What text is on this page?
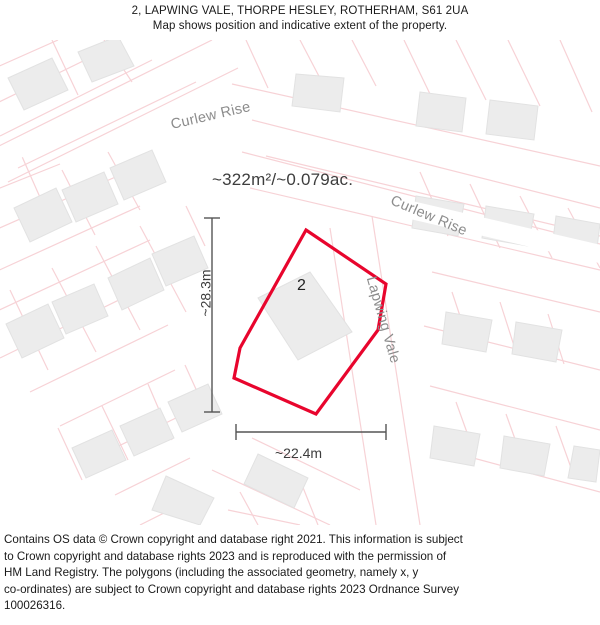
2, LAPWING VALE, THORPE HESLEY, ROTHERHAM, S61 2UA
Map shows position and indicative extent of the property.
Curlew Rise
Curlew Rise
Lapwing Vale
~322m²/~0.079ac.
2
~28.3m
~22.4m

Contains OS data © Crown copyright and database right 2021. This information is subject

to Crown copyright and database rights 2023 and is reproduced with the permission of

HM Land Registry. The polygons (including the associated geometry, namely x, y

co-ordinates) are subject to Crown copyright and database rights 2023 Ordnance Survey

100026316.
